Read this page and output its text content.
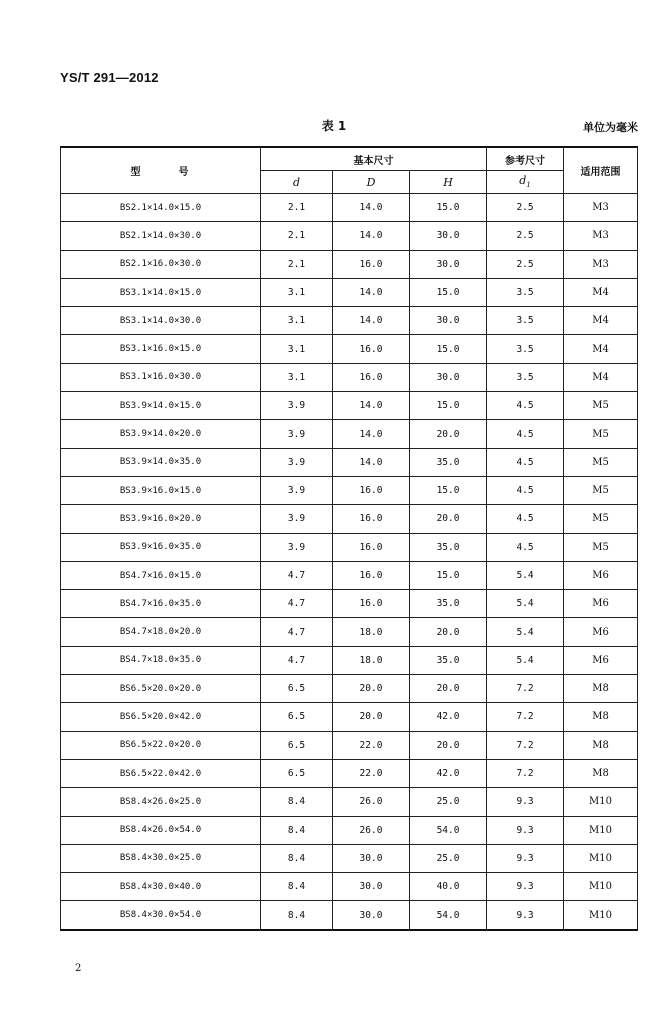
YS/T 291—2012
表 1	单位为毫米
型　号	基本尺寸			参考尺寸	适用范围
	d	D	H	$d_1$
BS2.1×14.0×15.0	2.1	14.0	15.0	2.5	M3
BS2.1×14.0×30.0	2.1	14.0	30.0	2.5	M3
BS2.1×16.0×30.0	2.1	16.0	30.0	2.5	M3
BS3.1×14.0×15.0	3.1	14.0	15.0	3.5	M4
BS3.1×14.0×30.0	3.1	14.0	30.0	3.5	M4
BS3.1×16.0×15.0	3.1	16.0	15.0	3.5	M4
BS3.1×16.0×30.0	3.1	16.0	30.0	3.5	M4
BS3.9×14.0×15.0	3.9	14.0	15.0	4.5	M5
BS3.9×14.0×20.0	3.9	14.0	20.0	4.5	M5
BS3.9×14.0×35.0	3.9	14.0	35.0	4.5	M5
BS3.9×16.0×15.0	3.9	16.0	15.0	4.5	M5
BS3.9×16.0×20.0	3.9	16.0	20.0	4.5	M5
BS3.9×16.0×35.0	3.9	16.0	35.0	4.5	M5
BS4.7×16.0×15.0	4.7	16.0	15.0	5.4	M6
BS4.7×16.0×35.0	4.7	16.0	35.0	5.4	M6
BS4.7×18.0×20.0	4.7	18.0	20.0	5.4	M6
BS4.7×18.0×35.0	4.7	18.0	35.0	5.4	M6
BS6.5×20.0×20.0	6.5	20.0	20.0	7.2	M8
BS6.5×20.0×42.0	6.5	20.0	42.0	7.2	M8
BS6.5×22.0×20.0	6.5	22.0	20.0	7.2	M8
BS6.5×22.0×42.0	6.5	22.0	42.0	7.2	M8
BS8.4×26.0×25.0	8.4	26.0	25.0	9.3	M10
BS8.4×26.0×54.0	8.4	26.0	54.0	9.3	M10
BS8.4×30.0×25.0	8.4	30.0	25.0	9.3	M10
BS8.4×30.0×40.0	8.4	30.0	40.0	9.3	M10
BS8.4×30.0×54.0	8.4	30.0	54.0	9.3	M10
2
